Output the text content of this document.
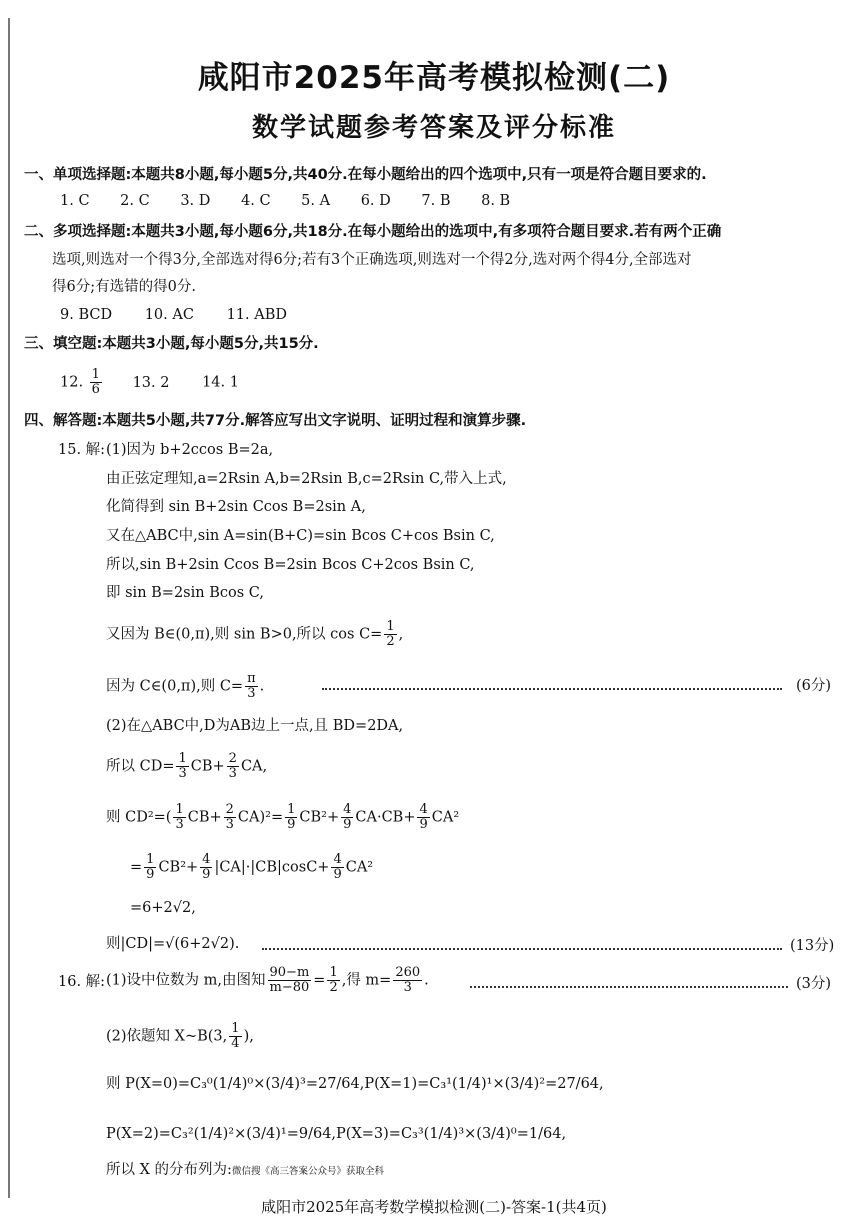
咸阳市2025年高考模拟检测(二)
数学试题参考答案及评分标准
一、单项选择题:本题共8小题,每小题5分,共40分.在每小题给出的四个选项中,只有一项是符合题目要求的.
1. C 2. C 3. D 4. C 5. A 6. D 7. B 8. B
二、多项选择题:本题共3小题,每小题6分,共18分.在每小题给出的选项中,有多项符合题目要求.若有两个正确
选项,则选对一个得3分,全部选对得6分;若有3个正确选项,则选对一个得2分,选对两个得4分,全部选对
得6分;有选错的得0分.
9. BCD 10. AC 11. ABD
三、填空题:本题共3小题,每小题5分,共15分.
12. $\frac{1}{6} 13$. 2 14. 1
四、解答题:本题共5小题,共77分.解答应写出文字说明、证明过程和演算步骤.
15. 解: (1)因为 b+2ccos B=2a,
由正弦定理知,a=2Rsin A,b=2Rsin B,c=2Rsin C,带入上式,
化简得到 sin B+2sin Ccos B=2sin A,
又在△ABC中,sin A=sin(B+C)=sin Bcos C+cos Bsin C,
所以,sin B+2sin Ccos B=2sin Bcos C+2cos Bsin C,
即 sin B=2sin Bcos C,
又因为 B∈(0,π),则 sin B>0,所以 $\cos C= \frac{1}{2}$ ,
因为 C∈(0,π),则 $C= \frac{\pi}{3}$ .	(6分)
(2)在△ABC中,D为AB边上一点,且 BD=2DA,
所以 $CD= \frac{1}{3} CB+ \frac{2}{3}$ CA,
则 $CD^2=( \frac{1}{3} CB+ \frac{2}{3} CA)^2= \frac{1}{9} CB^2+ \frac{4}{9} CA\cdot CB+ \frac{4}{9} CA^2$
= $\frac{1}{9} CB^2+ \frac{4}{9} |CA|\cdot|CB|\cos C+ \frac{4}{9} CA^2$
=6+2√2,
则|CD|=√(6+2√2).	(13分)
16. 解: (1)设中位数为 m,由图知 $\frac{90-m}{m-80} = \frac{1}{2}$ ,得 $m= \frac{260}{3}$ .	(3分)
(2)依题知 X~B(3, $\frac{1}{4}$ ),
则 P(X=0)=C₃⁰(1/4)⁰×(3/4)³=27/64,P(X=1)=C₃¹(1/4)¹×(3/4)²=27/64,
P(X=2)=C₃²(1/4)²×(3/4)¹=9/64,P(X=3)=C₃³(1/4)³×(3/4)⁰=1/64,
所以 X 的分布列为:微信搜《高三答案公众号》获取全科
咸阳市2025年高考数学模拟检测(二)-答案-1(共4页)
